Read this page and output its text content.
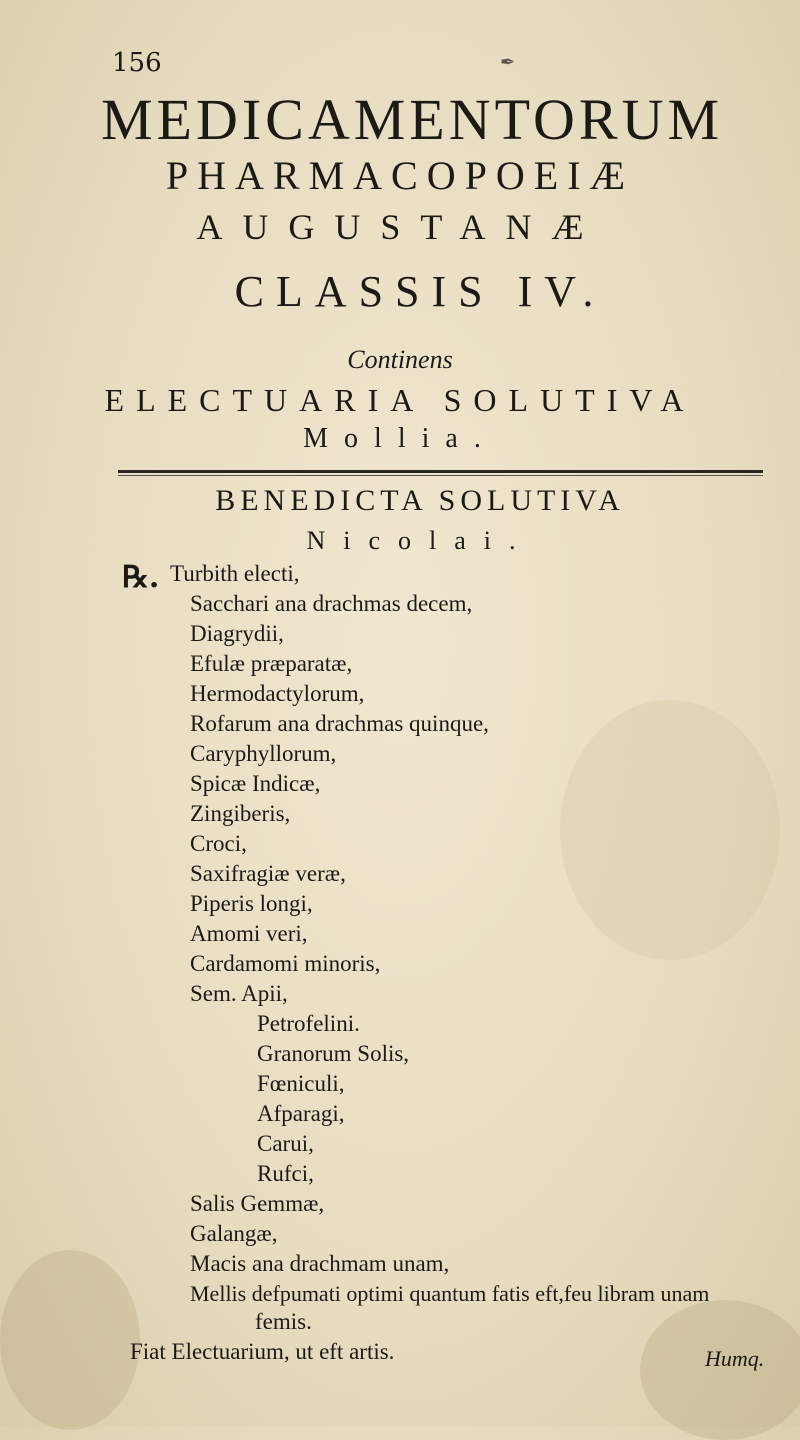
156	✒
MEDICAMENTORUM
PHARMACOPOEIÆ
AUGUSTANÆ
CLASSIS IV.
Continens
ELECTUARIA SOLUTIVA
Mollia.
BENEDICTA SOLUTIVA
Nicolai.
℞. Turbith electi,
Sacchari ana drachmas decem,
Diagrydii,
Efulæ præparatæ,
Hermodactylorum,
Rofarum ana drachmas quinque,
Caryphyllorum,
Spicæ Indicæ,
Zingiberis,
Croci,
Saxifragiæ veræ,
Piperis longi,
Amomi veri,
Cardamomi minoris,
Sem. Apii,
Petrofelini.
Granorum Solis,
Fœniculi,
Afparagi,
Carui,
Rufci,
Salis Gemmæ,
Galangæ,
Macis ana drachmam unam,
Mellis defpumati optimi quantum fatis eft,feu libram unam
femis.
Fiat Electuarium, ut eft artis.	Humq.
